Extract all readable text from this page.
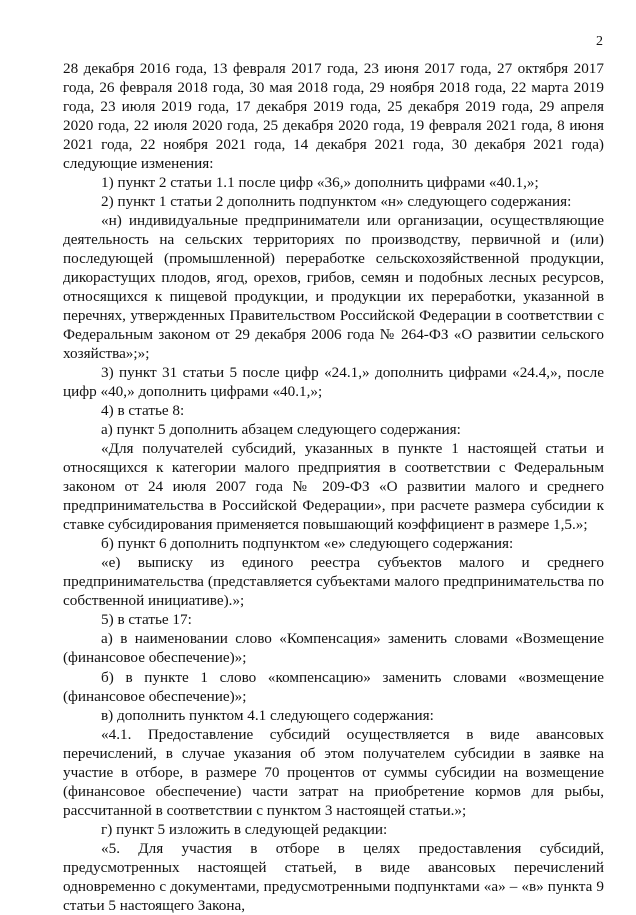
2

28 декабря 2016 года, 13 февраля 2017 года, 23 июня 2017 года, 27 октября 2017 года, 26 февраля 2018 года, 30 мая 2018 года, 29 ноября 2018 года, 22 марта 2019 года, 23 июля 2019 года, 17 декабря 2019 года, 25 декабря 2019 года, 29 апреля 2020 года, 22 июля 2020 года, 25 декабря 2020 года, 19 февраля 2021 года, 8 июня 2021 года, 22 ноября 2021 года, 14 декабря 2021 года, 30 декабря 2021 года) следующие изменения:

1) пункт 2 статьи 1.1 после цифр «36,» дополнить цифрами «40.1,»;

2) пункт 1 статьи 2 дополнить подпунктом «н» следующего содержания:

«н) индивидуальные предприниматели или организации, осуществляющие деятельность на сельских территориях по производству, первичной и (или) последующей (промышленной) переработке сельскохозяйственной продукции, дикорастущих плодов, ягод, орехов, грибов, семян и подобных лесных ресурсов, относящихся к пищевой продукции, и продукции их переработки, указанной в перечнях, утвержденных Правительством Российской Федерации в соответствии с Федеральным законом от 29 декабря 2006 года № 264-ФЗ «О развитии сельского хозяйства»;»;

3) пункт 31 статьи 5 после цифр «24.1,» дополнить цифрами «24.4,», после цифр «40,» дополнить цифрами «40.1,»;

4) в статье 8:

а) пункт 5 дополнить абзацем следующего содержания:

«Для получателей субсидий, указанных в пункте 1 настоящей статьи и относящихся к категории малого предприятия в соответствии с Федеральным законом от 24 июля 2007 года № 209-ФЗ «О развитии малого и среднего предпринимательства в Российской Федерации», при расчете размера субсидии к ставке субсидирования применяется повышающий коэффициент в размере 1,5.»;

б) пункт 6 дополнить подпунктом «е» следующего содержания:

«е) выписку из единого реестра субъектов малого и среднего предпринимательства (представляется субъектами малого предпринимательства по собственной инициативе).»;

5) в статье 17:

а) в наименовании слово «Компенсация» заменить словами «Возмещение (финансовое обеспечение)»;

б) в пункте 1 слово «компенсацию» заменить словами «возмещение (финансовое обеспечение)»;

в) дополнить пунктом 4.1 следующего содержания:

«4.1. Предоставление субсидий осуществляется в виде авансовых перечислений, в случае указания об этом получателем субсидии в заявке на участие в отборе, в размере 70 процентов от суммы субсидии на возмещение (финансовое обеспечение) части затрат на приобретение кормов для рыбы, рассчитанной в соответствии с пунктом 3 настоящей статьи.»;

г) пункт 5 изложить в следующей редакции:

«5. Для участия в отборе в целях предоставления субсидий, предусмотренных настоящей статьей, в виде авансовых перечислений одновременно с документами, предусмотренными подпунктами «а» – «в» пункта 9 статьи 5 настоящего Закона,
